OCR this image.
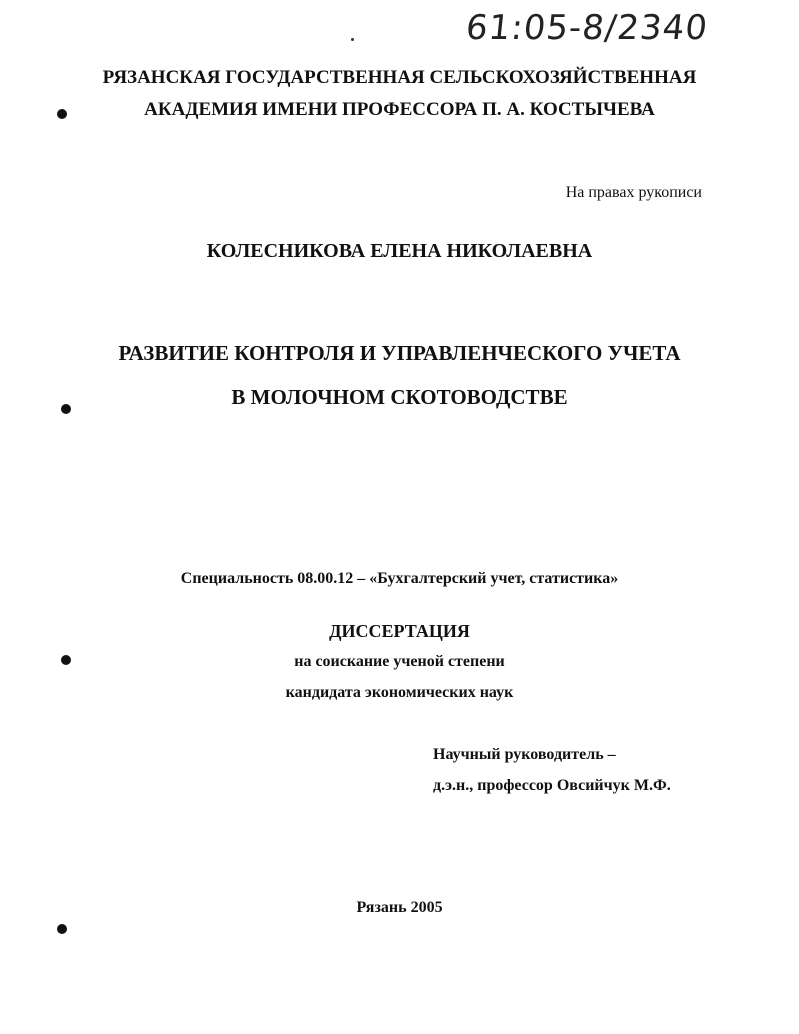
61:05-8/2340
РЯЗАНСКАЯ ГОСУДАРСТВЕННАЯ СЕЛЬСКОХОЗЯЙСТВЕННАЯ
АКАДЕМИЯ ИМЕНИ ПРОФЕССОРА П. А. КОСТЫЧЕВА
На правах рукописи
КОЛЕСНИКОВА ЕЛЕНА НИКОЛАЕВНА
РАЗВИТИЕ КОНТРОЛЯ И УПРАВЛЕНЧЕСКОГО УЧЕТА
В МОЛОЧНОМ СКОТОВОДСТВЕ
Специальность 08.00.12 – «Бухгалтерский учет, статистика»
ДИССЕРТАЦИЯ
на соискание ученой степени
кандидата экономических наук
Научный руководитель –
д.э.н., профессор Овсийчук М.Ф.
Рязань 2005
